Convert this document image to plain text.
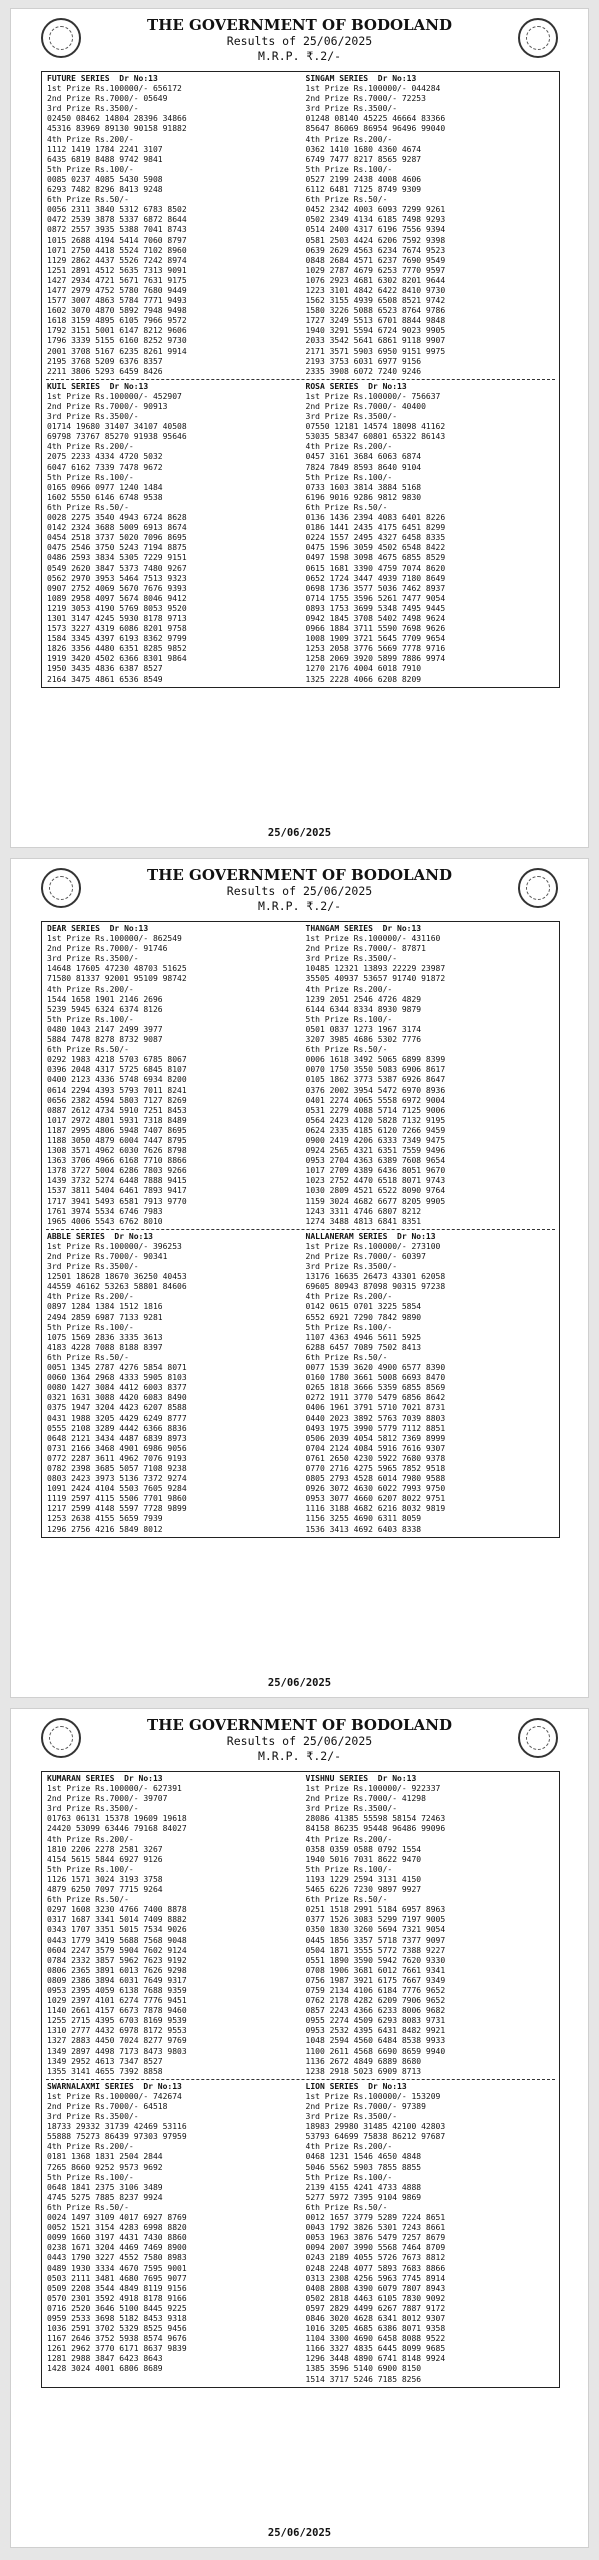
THE GOVERNMENT OF BODOLAND
Results of 25/06/2025
M.R.P. ₹.2/-
FUTURE SERIES  Dr No:13
1st Prize Rs.100000/- 656172
2nd Prize Rs.7000/- 05649
3rd Prize Rs.3500/-
02450 08462 14804 28396 34866
45316 83969 89130 90158 91882
4th Prize Rs.200/-
1112 1419 1784 2241 3107
6435 6819 8488 9742 9841
5th Prize Rs.100/-
0085 0237 4085 5430 5908
6293 7482 8296 8413 9248
6th Prize Rs.50/-
0056 2311 3840 5312 6783 8502
0472 2539 3878 5337 6872 8644
0872 2557 3935 5388 7041 8743
1015 2688 4194 5414 7060 8797
1071 2750 4418 5524 7102 8960
1129 2862 4437 5526 7242 8974
1251 2891 4512 5635 7313 9091
1427 2934 4721 5671 7631 9175
1477 2979 4752 5780 7680 9449
1577 3007 4863 5784 7771 9493
1602 3070 4870 5892 7948 9498
1618 3159 4895 6105 7966 9572
1792 3151 5001 6147 8212 9606
1796 3339 5155 6160 8252 9730
2001 3708 5167 6235 8261 9914
2195 3768 5209 6376 8357
2211 3806 5293 6459 8426
SINGAM SERIES  Dr No:13
1st Prize Rs.100000/- 044284
2nd Prize Rs.7000/- 72253
3rd Prize Rs.3500/-
01248 08140 45225 46664 83366
85647 86069 86954 96496 99040
4th Prize Rs.200/-
0362 1410 1680 4360 4674
6749 7477 8217 8565 9287
5th Prize Rs.100/-
0527 2199 2438 4008 4606
6112 6481 7125 8749 9309
6th Prize Rs.50/-
0452 2342 4003 6093 7299 9261
0502 2349 4134 6185 7498 9293
0514 2400 4317 6196 7556 9394
0581 2503 4424 6206 7592 9398
0639 2629 4563 6234 7674 9523
0848 2684 4571 6237 7690 9549
1029 2787 4679 6253 7770 9597
1076 2923 4681 6302 8201 9644
1223 3101 4842 6422 8410 9730
1562 3155 4939 6508 8521 9742
1580 3226 5088 6523 8764 9786
1727 3249 5513 6701 8844 9848
1940 3291 5594 6724 9023 9905
2033 3542 5641 6861 9118 9907
2171 3571 5903 6950 9151 9975
2193 3753 6031 6977 9156
2335 3908 6072 7240 9246
KUIL SERIES  Dr No:13
1st Prize Rs.100000/- 452907
2nd Prize Rs.7000/- 90913
3rd Prize Rs.3500/-
01714 19680 31407 34107 40508
69798 73767 85270 91938 95646
4th Prize Rs.200/-
2075 2233 4334 4720 5032
6047 6162 7339 7478 9672
5th Prize Rs.100/-
0165 0966 0977 1240 1484
1602 5550 6146 6748 9538
6th Prize Rs.50/-
0028 2275 3540 4943 6724 8628
0142 2324 3688 5009 6913 8674
0454 2518 3737 5020 7096 8695
0475 2546 3750 5243 7194 8875
0486 2593 3834 5305 7229 9151
0549 2620 3847 5373 7480 9267
0562 2970 3953 5464 7513 9323
0907 2752 4069 5670 7676 9393
1089 2958 4097 5674 8046 9412
1219 3053 4190 5769 8053 9520
1301 3147 4245 5930 8178 9713
1573 3227 4319 6086 8201 9758
1584 3345 4397 6193 8362 9799
1826 3356 4480 6351 8285 9852
1919 3420 4502 6366 8301 9864
1950 3435 4836 6387 8527
2164 3475 4861 6536 8549
ROSA SERIES  Dr No:13
1st Prize Rs.100000/- 756637
2nd Prize Rs.7000/- 40400
3rd Prize Rs.3500/-
07550 12181 14574 18098 41162
53035 58347 60801 65322 86143
4th Prize Rs.200/-
0457 3161 3684 6063 6874
7824 7849 8593 8640 9104
5th Prize Rs.100/-
0733 1603 3814 3884 5168
6196 9016 9286 9812 9830
6th Prize Rs.50/-
0136 1436 2394 4083 6401 8226
0186 1441 2435 4175 6451 8299
0224 1557 2495 4327 6458 8335
0475 1596 3059 4502 6548 8422
0497 1598 3098 4675 6855 8529
0615 1681 3390 4759 7074 8620
0652 1724 3447 4939 7180 8649
0698 1736 3577 5036 7462 8937
0714 1755 3596 5261 7477 9054
0893 1753 3699 5348 7495 9445
0942 1845 3708 5402 7498 9624
0966 1884 3711 5590 7698 9626
1008 1909 3721 5645 7709 9654
1253 2058 3776 5669 7778 9716
1258 2069 3920 5899 7886 9974
1270 2176 4004 6018 7910
1325 2228 4066 6208 8209
25/06/2025
THE GOVERNMENT OF BODOLAND
Results of 25/06/2025
M.R.P. ₹.2/-
DEAR SERIES  Dr No:13
1st Prize Rs.100000/- 862549
2nd Prize Rs.7000/- 91746
3rd Prize Rs.3500/-
14648 17605 47230 48703 51625
71580 81337 92001 95109 98742
4th Prize Rs.200/-
1544 1658 1901 2146 2696
5239 5945 6324 6374 8126
5th Prize Rs.100/-
0480 1043 2147 2499 3977
5884 7478 8278 8732 9087
6th Prize Rs.50/-
0292 1983 4218 5703 6785 8067
0396 2048 4317 5725 6845 8107
0400 2123 4336 5748 6934 8200
0614 2294 4393 5793 7011 8241
0656 2382 4594 5803 7127 8269
0887 2612 4734 5910 7251 8453
1017 2972 4801 5931 7318 8489
1187 2995 4806 5948 7407 8695
1188 3050 4879 6004 7447 8795
1308 3571 4962 6030 7626 8798
1363 3706 4966 6168 7710 8866
1378 3727 5004 6286 7803 9266
1439 3732 5274 6448 7888 9415
1537 3811 5404 6461 7893 9417
1717 3941 5493 6581 7913 9770
1761 3974 5534 6746 7983
1965 4006 5543 6762 8010
THANGAM SERIES  Dr No:13
1st Prize Rs.100000/- 431160
2nd Prize Rs.7000/- 87871
3rd Prize Rs.3500/-
10485 12321 13893 22229 23987
35505 40937 53657 91740 91872
4th Prize Rs.200/-
1239 2051 2546 4726 4829
6144 6344 8334 8930 9879
5th Prize Rs.100/-
0501 0837 1273 1967 3174
3207 3985 4686 5302 7776
6th Prize Rs.50/-
0006 1618 3492 5065 6899 8399
0070 1750 3550 5083 6906 8617
0105 1862 3773 5387 6926 8647
0376 2002 3954 5472 6970 8936
0401 2274 4065 5558 6972 9004
0531 2279 4088 5714 7125 9006
0564 2423 4120 5828 7132 9195
0624 2335 4185 6120 7266 9459
0900 2419 4206 6333 7349 9475
0924 2565 4321 6351 7559 9496
0953 2704 4363 6389 7608 9654
1017 2709 4389 6436 8051 9670
1023 2752 4470 6518 8071 9743
1030 2809 4521 6522 8090 9764
1159 3024 4682 6677 8205 9905
1243 3311 4746 6807 8212
1274 3488 4813 6841 8351
ABBLE SERIES  Dr No:13
1st Prize Rs.100000/- 396253
2nd Prize Rs.7000/- 90341
3rd Prize Rs.3500/-
12501 18628 18670 36250 40453
44559 46162 53263 58801 84606
4th Prize Rs.200/-
0897 1284 1384 1512 1816
2494 2859 6987 7133 9281
5th Prize Rs.100/-
1075 1569 2836 3335 3613
4183 4228 7088 8188 8397
6th Prize Rs.50/-
0051 1345 2787 4276 5854 8071
0060 1364 2968 4333 5905 8103
0080 1427 3084 4412 6003 8377
0321 1631 3088 4420 6083 8490
0375 1947 3204 4423 6207 8588
0431 1988 3205 4429 6249 8777
0555 2108 3289 4442 6366 8836
0648 2121 3434 4487 6839 8973
0731 2166 3468 4901 6986 9056
0772 2287 3611 4962 7076 9193
0782 2398 3685 5057 7108 9238
0803 2423 3973 5136 7372 9274
1091 2424 4104 5503 7605 9284
1119 2597 4115 5506 7701 9860
1217 2599 4148 5597 7728 9899
1253 2638 4155 5659 7939
1296 2756 4216 5849 8012
NALLANERAM SERIES  Dr No:13
1st Prize Rs.100000/- 273100
2nd Prize Rs.7000/- 60397
3rd Prize Rs.3500/-
13176 16635 26473 43301 62058
69605 80943 87098 90315 97238
4th Prize Rs.200/-
0142 0615 0701 3225 5854
6552 6921 7290 7842 9890
5th Prize Rs.100/-
1107 4363 4946 5611 5925
6288 6457 7089 7502 8413
6th Prize Rs.50/-
0077 1539 3620 4900 6577 8390
0160 1780 3661 5008 6693 8470
0265 1818 3666 5359 6855 8569
0272 1911 3770 5479 6856 8642
0406 1961 3791 5710 7021 8731
0440 2023 3892 5763 7039 8803
0493 1975 3990 5779 7112 8851
0506 2039 4054 5812 7369 8999
0704 2124 4084 5916 7616 9307
0761 2650 4230 5922 7680 9378
0770 2716 4275 5965 7852 9518
0805 2793 4528 6014 7980 9588
0926 3072 4630 6022 7993 9750
0953 3077 4660 6207 8022 9751
1116 3188 4682 6216 8032 9819
1156 3255 4690 6311 8059
1536 3413 4692 6403 8338
25/06/2025
THE GOVERNMENT OF BODOLAND
Results of 25/06/2025
M.R.P. ₹.2/-
KUMARAN SERIES  Dr No:13
1st Prize Rs.100000/- 627391
2nd Prize Rs.7000/- 39707
3rd Prize Rs.3500/-
01763 06131 15378 19609 19618
24420 53099 63446 79168 84027
4th Prize Rs.200/-
1810 2206 2278 2581 3267
4154 5615 5844 6927 9126
5th Prize Rs.100/-
1126 1571 3024 3193 3758
4879 6250 7097 7715 9264
6th Prize Rs.50/-
0297 1608 3230 4766 7400 8878
0317 1687 3341 5014 7409 8882
0343 1707 3351 5015 7534 9026
0443 1779 3419 5688 7568 9048
0604 2247 3579 5904 7602 9124
0784 2332 3857 5962 7623 9192
0806 2365 3891 6013 7626 9298
0809 2386 3894 6031 7649 9317
0953 2395 4059 6138 7688 9359
1029 2397 4101 6274 7776 9451
1140 2661 4157 6673 7878 9460
1255 2715 4395 6703 8169 9539
1310 2777 4432 6978 8172 9553
1327 2883 4450 7024 8277 9769
1349 2897 4498 7173 8473 9803
1349 2952 4613 7347 8527
1355 3141 4655 7392 8858
VISHNU SERIES  Dr No:13
1st Prize Rs.100000/- 922337
2nd Prize Rs.7000/- 41298
3rd Prize Rs.3500/-
28086 41385 55598 58154 72463
84158 86235 95448 96486 99096
4th Prize Rs.200/-
0358 0359 0588 0792 1554
1940 5016 7031 8622 9470
5th Prize Rs.100/-
1193 1229 2594 3131 4150
5465 6226 7230 9897 9927
6th Prize Rs.50/-
0251 1518 2991 5184 6957 8963
0377 1526 3083 5299 7197 9005
0350 1830 3260 5694 7321 9054
0445 1856 3357 5718 7377 9097
0504 1871 3555 5772 7388 9227
0551 1890 3590 5942 7620 9330
0708 1906 3681 6012 7661 9341
0756 1987 3921 6175 7667 9349
0759 2134 4106 6184 7776 9652
0762 2178 4282 6209 7906 9652
0857 2243 4366 6233 8006 9682
0955 2274 4509 6293 8083 9731
0953 2532 4395 6431 8482 9921
1048 2594 4560 6484 8538 9933
1100 2611 4568 6690 8659 9940
1136 2672 4849 6889 8680
1238 2918 5023 6909 8713
SWARNALAXMI SERIES  Dr No:13
1st Prize Rs.100000/- 742674
2nd Prize Rs.7000/- 64518
3rd Prize Rs.3500/-
18733 29332 31739 42469 53116
55888 75273 86439 97303 97959
4th Prize Rs.200/-
0181 1368 1831 2504 2844
7265 8660 9252 9573 9692
5th Prize Rs.100/-
0648 1841 2375 3106 3489
4745 5275 7885 8237 9924
6th Prize Rs.50/-
0024 1497 3109 4017 6927 8769
0052 1521 3154 4283 6998 8820
0099 1660 3197 4431 7430 8860
0238 1671 3204 4469 7469 8900
0443 1790 3227 4552 7580 8983
0489 1930 3334 4670 7595 9001
0503 2111 3481 4680 7695 9077
0509 2208 3544 4849 8119 9156
0570 2301 3592 4918 8178 9166
0716 2520 3646 5100 8445 9225
0959 2533 3698 5182 8453 9318
1036 2591 3702 5329 8525 9456
1167 2646 3752 5938 8574 9676
1261 2962 3770 6171 8637 9839
1281 2988 3847 6423 8643
1428 3024 4001 6806 8689
LION SERIES  Dr No:13
1st Prize Rs.100000/- 153209
2nd Prize Rs.7000/- 97389
3rd Prize Rs.3500/-
18983 29980 31485 42100 42803
53793 64699 75838 86212 97687
4th Prize Rs.200/-
0468 1231 1546 4650 4848
5046 5562 5903 7855 8855
5th Prize Rs.100/-
2139 4155 4241 4733 4888
5277 5972 7395 9104 9869
6th Prize Rs.50/-
0012 1657 3779 5289 7224 8651
0043 1792 3826 5301 7243 8661
0053 1963 3876 5479 7257 8679
0094 2007 3990 5568 7464 8709
0243 2189 4055 5726 7673 8812
0248 2248 4077 5893 7683 8866
0313 2308 4256 5963 7745 8914
0408 2808 4390 6079 7807 8943
0502 2818 4463 6105 7830 9092
0597 2829 4499 6267 7887 9172
0846 3020 4628 6341 8012 9307
1016 3205 4685 6386 8071 9358
1104 3300 4690 6458 8088 9522
1166 3327 4835 6445 8099 9685
1296 3448 4890 6741 8148 9924
1385 3596 5140 6900 8150
1514 3717 5246 7185 8256
25/06/2025
